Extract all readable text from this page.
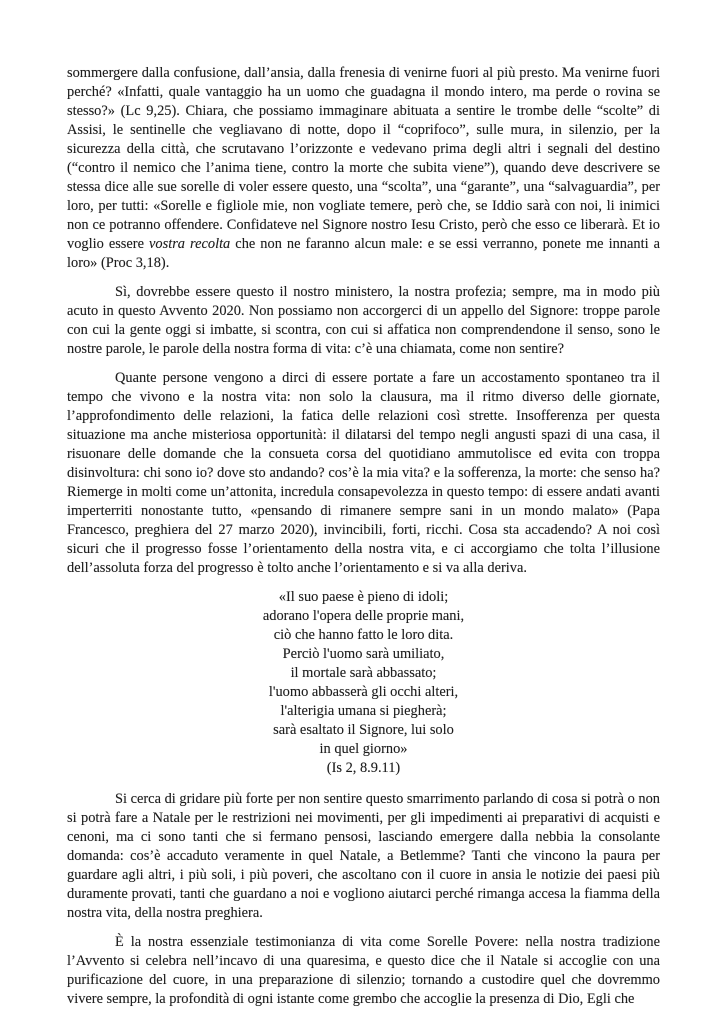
sommergere dalla confusione, dall’ansia, dalla frenesia di venirne fuori al più presto. Ma venirne fuori perché? «Infatti, quale vantaggio ha un uomo che guadagna il mondo intero, ma perde o rovina se stesso?» (Lc 9,25). Chiara, che possiamo immaginare abituata a sentire le trombe delle “scolte” di Assisi, le sentinelle che vegliavano di notte, dopo il “coprifoco”, sulle mura, in silenzio, per la sicurezza della città, che scrutavano l’orizzonte e vedevano prima degli altri i segnali del destino (“contro il nemico che l’anima tiene, contro la morte che subita viene”), quando deve descrivere se stessa dice alle sue sorelle di voler essere questo, una “scolta”, una “garante”, una “salvaguardia”, per loro, per tutti: «Sorelle e figliole mie, non vogliate temere, però che, se Iddio sarà con noi, li inimici non ce potranno offendere. Confidateve nel Signore nostro Iesu Cristo, però che esso ce liberarà. Et io voglio essere vostra recolta che non ne faranno alcun male: e se essi verranno, ponete me innanti a loro» (Proc 3,18).

Sì, dovrebbe essere questo il nostro ministero, la nostra profezia; sempre, ma in modo più acuto in questo Avvento 2020. Non possiamo non accorgerci di un appello del Signore: troppe parole con cui la gente oggi si imbatte, si scontra, con cui si affatica non comprendendone il senso, sono le nostre parole, le parole della nostra forma di vita: c’è una chiamata, come non sentire?

Quante persone vengono a dirci di essere portate a fare un accostamento spontaneo tra il tempo che vivono e la nostra vita: non solo la clausura, ma il ritmo diverso delle giornate, l’approfondimento delle relazioni, la fatica delle relazioni così strette. Insofferenza per questa situazione ma anche misteriosa opportunità: il dilatarsi del tempo negli angusti spazi di una casa, il risuonare delle domande che la consueta corsa del quotidiano ammutolisce ed evita con troppa disinvoltura: chi sono io? dove sto andando? cos’è la mia vita? e la sofferenza, la morte: che senso ha? Riemerge in molti come un’attonita, incredula consapevolezza in questo tempo: di essere andati avanti imperterriti nonostante tutto, «pensando di rimanere sempre sani in un mondo malato» (Papa Francesco, preghiera del 27 marzo 2020), invincibili, forti, ricchi. Cosa sta accadendo? A noi così sicuri che il progresso fosse l’orientamento della nostra vita, e ci accorgiamo che tolta l’illusione dell’assoluta forza del progresso è tolto anche l’orientamento e si va alla deriva.

«Il suo paese è pieno di idoli;
adorano l'opera delle proprie mani,
ciò che hanno fatto le loro dita.
Perciò l'uomo sarà umiliato,
il mortale sarà abbassato;
l'uomo abbasserà gli occhi alteri,
l'alterigia umana si piegherà;
sarà esaltato il Signore, lui solo
in quel giorno»
(Is 2, 8.9.11)

Si cerca di gridare più forte per non sentire questo smarrimento parlando di cosa si potrà o non si potrà fare a Natale per le restrizioni nei movimenti, per gli impedimenti ai preparativi di acquisti e cenoni, ma ci sono tanti che si fermano pensosi, lasciando emergere dalla nebbia la consolante domanda: cos’è accaduto veramente in quel Natale, a Betlemme? Tanti che vincono la paura per guardare agli altri, i più soli, i più poveri, che ascoltano con il cuore in ansia le notizie dei paesi più duramente provati, tanti che guardano a noi e vogliono aiutarci perché rimanga accesa la fiamma della nostra vita, della nostra preghiera.

È la nostra essenziale testimonianza di vita come Sorelle Povere: nella nostra tradizione l’Avvento si celebra nell’incavo di una quaresima, e questo dice che il Natale si accoglie con una purificazione del cuore, in una preparazione di silenzio; tornando a custodire quel che dovremmo vivere sempre, la profondità di ogni istante come grembo che accoglie la presenza di Dio, Egli che
